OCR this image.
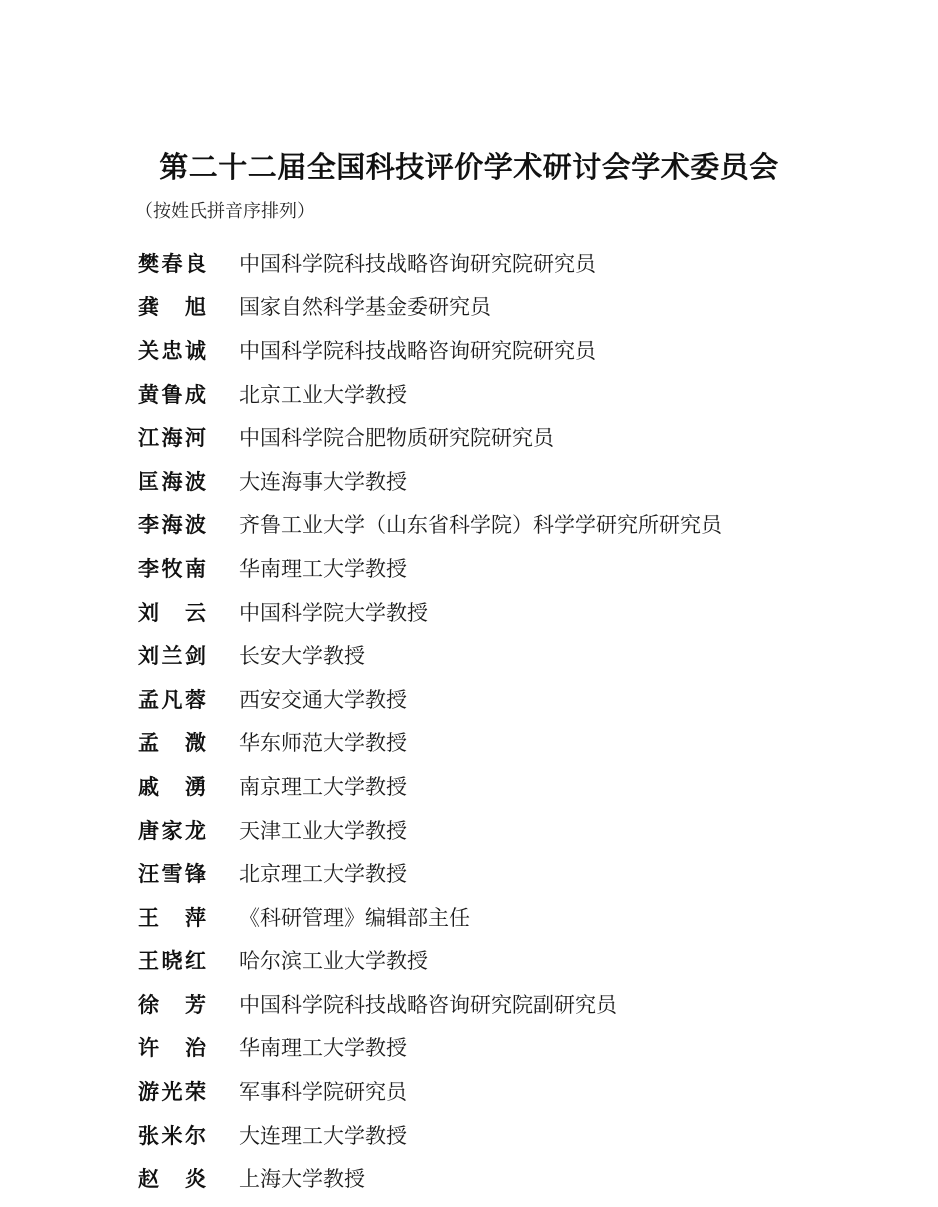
第二十二届全国科技评价学术研讨会学术委员会
（按姓氏拼音序排列）
樊春良 中国科学院科技战略咨询研究院研究员
龚 旭 国家自然科学基金委研究员
关忠诚 中国科学院科技战略咨询研究院研究员
黄鲁成 北京工业大学教授
江海河 中国科学院合肥物质研究院研究员
匡海波 大连海事大学教授
李海波 齐鲁工业大学（山东省科学院）科学学研究所研究员
李牧南 华南理工大学教授
刘 云 中国科学院大学教授
刘兰剑 长安大学教授
孟凡蓉 西安交通大学教授
孟 溦 华东师范大学教授
戚 湧 南京理工大学教授
唐家龙 天津工业大学教授
汪雪锋 北京理工大学教授
王 萍 《科研管理》编辑部主任
王晓红 哈尔滨工业大学教授
徐 芳 中国科学院科技战略咨询研究院副研究员
许 治 华南理工大学教授
游光荣 军事科学院研究员
张米尔 大连理工大学教授
赵 炎 上海大学教授
